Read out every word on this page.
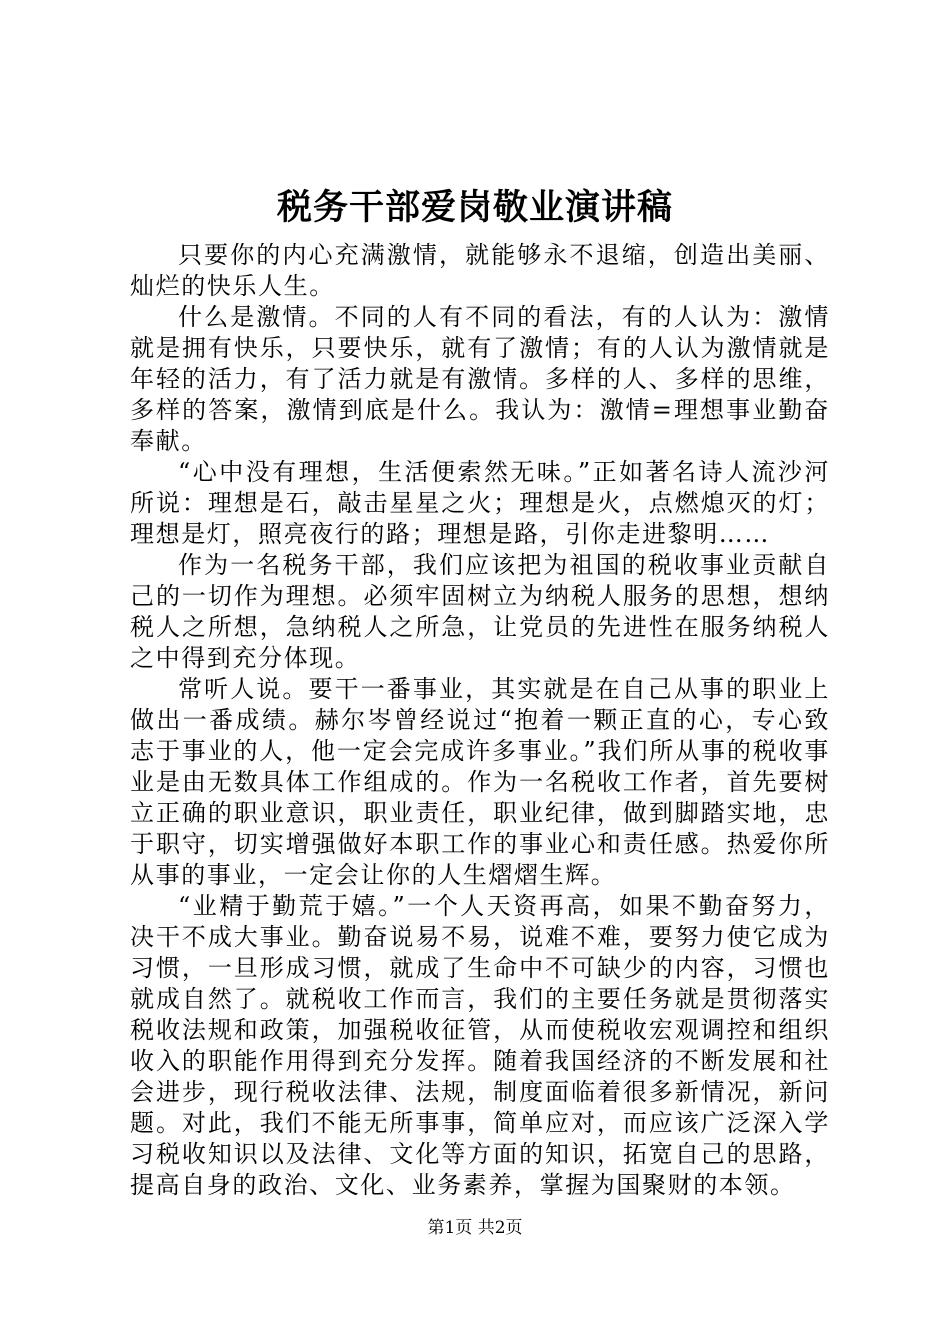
税务干部爱岗敬业演讲稿

只要你的内心充满激情，就能够永不退缩，创造出美丽、灿烂的快乐人生。

什么是激情。不同的人有不同的看法，有的人认为：激情就是拥有快乐，只要快乐，就有了激情；有的人认为激情就是年轻的活力，有了活力就是有激情。多样的人、多样的思维，多样的答案，激情到底是什么。我认为：激情=理想事业勤奋奉献。

“心中没有理想，生活便索然无味。”正如著名诗人流沙河所说：理想是石，敲击星星之火；理想是火，点燃熄灭的灯；理想是灯，照亮夜行的路；理想是路，引你走进黎明……

作为一名税务干部，我们应该把为祖国的税收事业贡献自己的一切作为理想。必须牢固树立为纳税人服务的思想，想纳税人之所想，急纳税人之所急，让党员的先进性在服务纳税人之中得到充分体现。

常听人说。要干一番事业，其实就是在自己从事的职业上做出一番成绩。赫尔岑曾经说过“抱着一颗正直的心，专心致志于事业的人，他一定会完成许多事业。”我们所从事的税收事业是由无数具体工作组成的。作为一名税收工作者，首先要树立正确的职业意识，职业责任，职业纪律，做到脚踏实地，忠于职守，切实增强做好本职工作的事业心和责任感。热爱你所从事的事业，一定会让你的人生熠熠生辉。

“业精于勤荒于嬉。”一个人天资再高，如果不勤奋努力，决干不成大事业。勤奋说易不易，说难不难，要努力使它成为习惯，一旦形成习惯，就成了生命中不可缺少的内容，习惯也就成自然了。就税收工作而言，我们的主要任务就是贯彻落实税收法规和政策，加强税收征管，从而使税收宏观调控和组织收入的职能作用得到充分发挥。随着我国经济的不断发展和社会进步，现行税收法律、法规，制度面临着很多新情况，新问题。对此，我们不能无所事事，简单应对，而应该广泛深入学习税收知识以及法律、文化等方面的知识，拓宽自己的思路，提高自身的政治、文化、业务素养，掌握为国聚财的本领。

第1页 共2页
